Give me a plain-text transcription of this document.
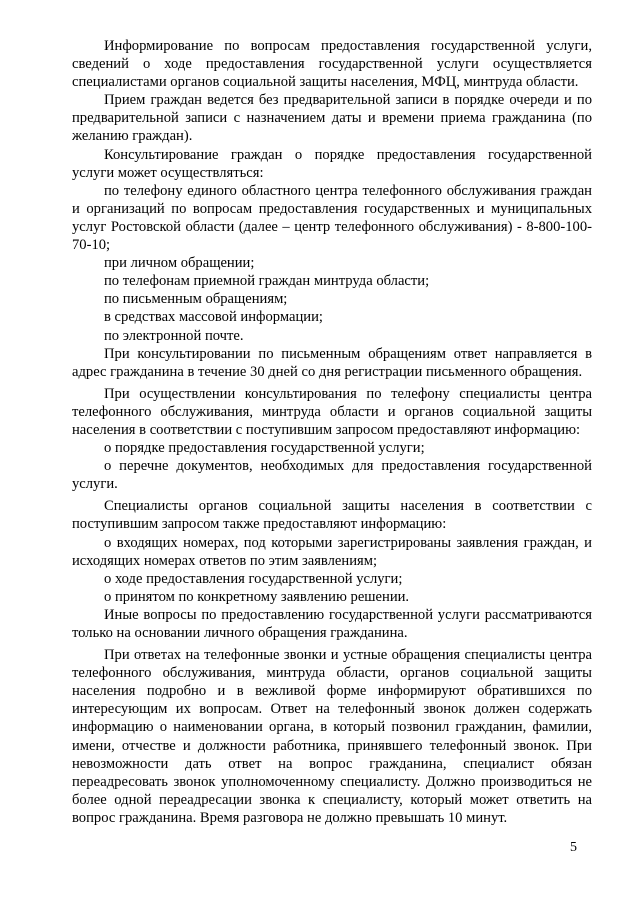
Информирование по вопросам предоставления государственной услуги, сведений о ходе предоставления государственной услуги осуществляется специалистами органов социальной защиты населения, МФЦ, минтруда области.

Прием граждан ведется без предварительной записи в порядке очереди и по предварительной записи с назначением даты и времени приема гражданина (по желанию граждан).

Консультирование граждан о порядке предоставления государственной услуги может осуществляться:

по телефону единого областного центра телефонного обслуживания граждан и организаций по вопросам предоставления государственных и муниципальных услуг Ростовской области (далее – центр телефонного обслуживания) - 8-800-100-70-10;

при личном обращении;

по телефонам приемной граждан минтруда области;

по письменным обращениям;

в средствах массовой информации;

по электронной почте.

При консультировании по письменным обращениям ответ направляется в адрес гражданина в течение 30 дней со дня регистрации письменного обращения.

При осуществлении консультирования по телефону специалисты центра телефонного обслуживания, минтруда области и органов социальной защиты населения в соответствии с поступившим запросом предоставляют информацию:

о порядке предоставления государственной услуги;

о перечне документов, необходимых для предоставления государственной услуги.

Специалисты органов социальной защиты населения в соответствии с поступившим запросом также предоставляют информацию:

о входящих номерах, под которыми зарегистрированы заявления граждан, и исходящих номерах ответов по этим заявлениям;

о ходе предоставления государственной услуги;

о принятом по конкретному заявлению решении.

Иные вопросы по предоставлению государственной услуги рассматриваются только на основании личного обращения гражданина.

При ответах на телефонные звонки и устные обращения специалисты центра телефонного обслуживания, минтруда области, органов социальной защиты населения подробно и в вежливой форме информируют обратившихся по интересующим их вопросам. Ответ на телефонный звонок должен содержать информацию о наименовании органа, в который позвонил гражданин, фамилии, имени, отчестве и должности работника, принявшего телефонный звонок. При невозможности дать ответ на вопрос гражданина, специалист обязан переадресовать звонок уполномоченному специалисту. Должно производиться не более одной переадресации звонка к специалисту, который может ответить на вопрос гражданина. Время разговора не должно превышать 10 минут.

5
